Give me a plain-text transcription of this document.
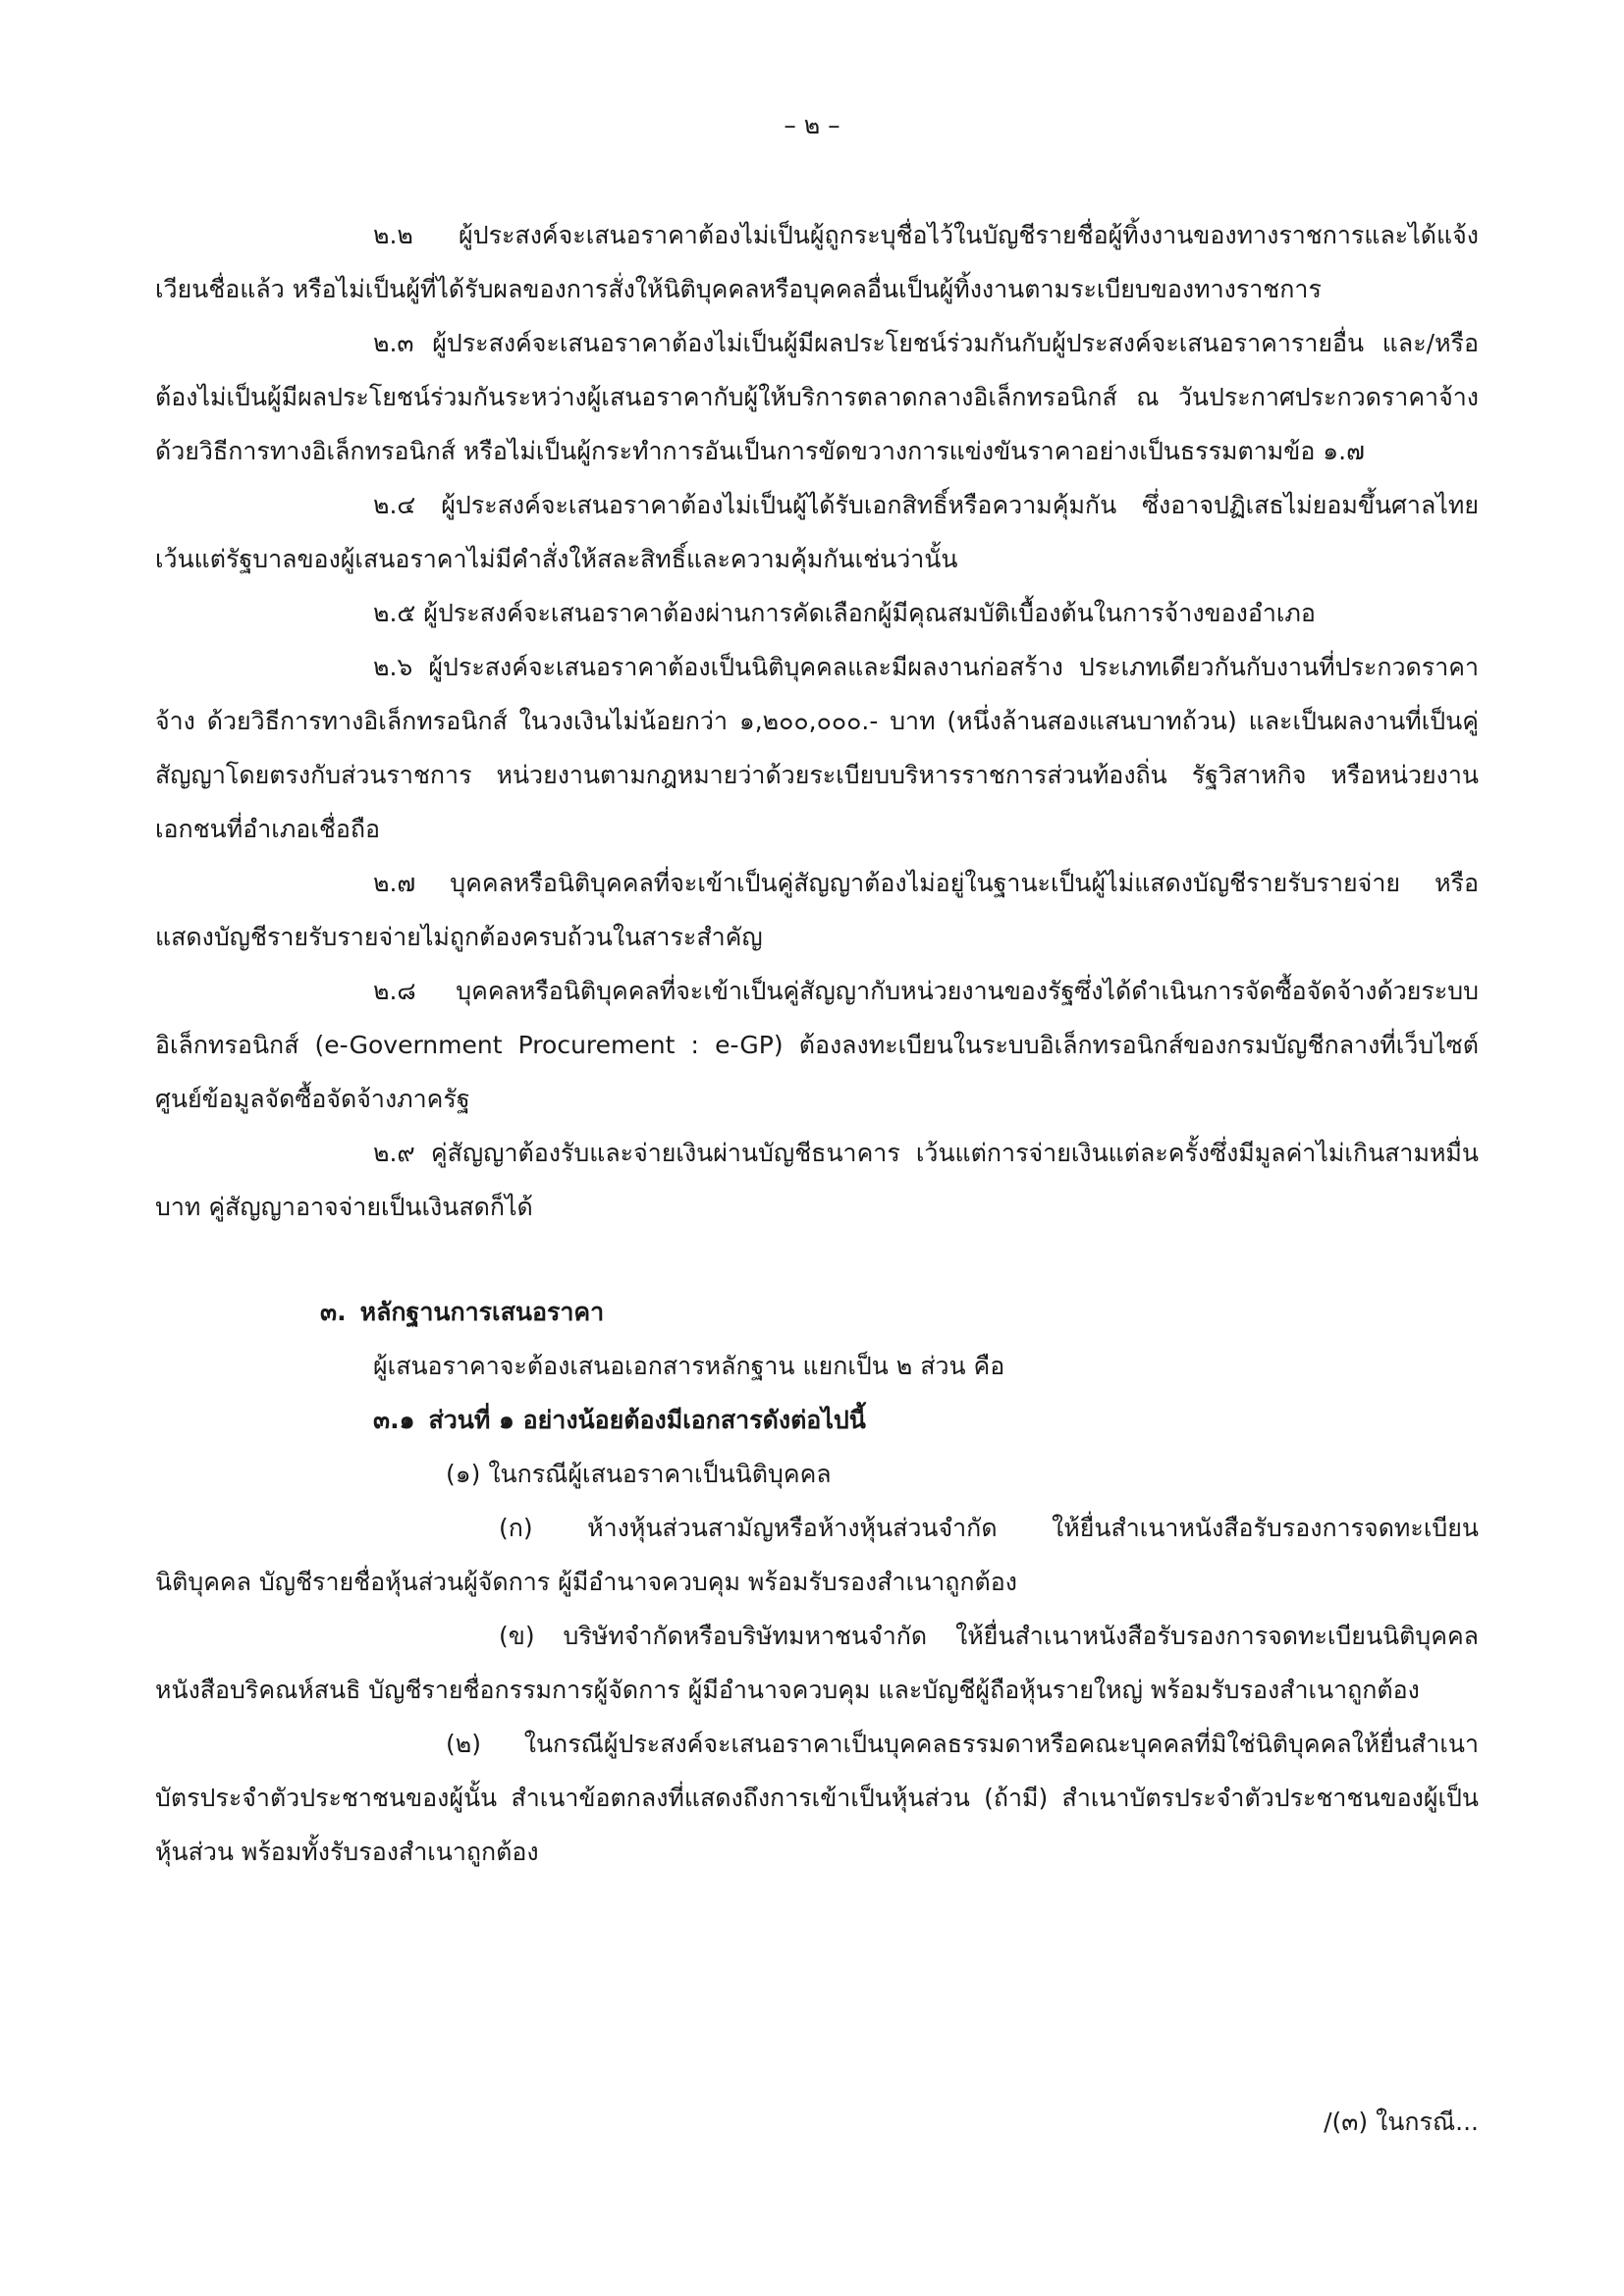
– ๒ –

๒.๒ ผู้ประสงค์จะเสนอราคาต้องไม่เป็นผู้ถูกระบุชื่อไว้ในบัญชีรายชื่อผู้ทิ้งงานของทางราชการและได้แจ้งเวียนชื่อแล้ว หรือไม่เป็นผู้ที่ได้รับผลของการสั่งให้นิติบุคคลหรือบุคคลอื่นเป็นผู้ทิ้งงานตามระเบียบของทางราชการ

๒.๓ ผู้ประสงค์จะเสนอราคาต้องไม่เป็นผู้มีผลประโยชน์ร่วมกันกับผู้ประสงค์จะเสนอราคารายอื่น และ/หรือต้องไม่เป็นผู้มีผลประโยชน์ร่วมกันระหว่างผู้เสนอราคากับผู้ให้บริการตลาดกลางอิเล็กทรอนิกส์ ณ วันประกาศประกวดราคาจ้างด้วยวิธีการทางอิเล็กทรอนิกส์ หรือไม่เป็นผู้กระทำการอันเป็นการขัดขวางการแข่งขันราคาอย่างเป็นธรรมตามข้อ ๑.๗

๒.๔ ผู้ประสงค์จะเสนอราคาต้องไม่เป็นผู้ได้รับเอกสิทธิ์หรือความคุ้มกัน ซึ่งอาจปฏิเสธไม่ยอมขึ้นศาลไทยเว้นแต่รัฐบาลของผู้เสนอราคาไม่มีคำสั่งให้สละสิทธิ์และความคุ้มกันเช่นว่านั้น

๒.๕ ผู้ประสงค์จะเสนอราคาต้องผ่านการคัดเลือกผู้มีคุณสมบัติเบื้องต้นในการจ้างของอำเภอ

๒.๖ ผู้ประสงค์จะเสนอราคาต้องเป็นนิติบุคคลและมีผลงานก่อสร้าง ประเภทเดียวกันกับงานที่ประกวดราคาจ้าง ด้วยวิธีการทางอิเล็กทรอนิกส์ ในวงเงินไม่น้อยกว่า ๑,๒๐๐,๐๐๐.- บาท (หนึ่งล้านสองแสนบาทถ้วน) และเป็นผลงานที่เป็นคู่สัญญาโดยตรงกับส่วนราชการ หน่วยงานตามกฎหมายว่าด้วยระเบียบบริหารราชการส่วนท้องถิ่น รัฐวิสาหกิจ หรือหน่วยงานเอกชนที่อำเภอเชื่อถือ

๒.๗ บุคคลหรือนิติบุคคลที่จะเข้าเป็นคู่สัญญาต้องไม่อยู่ในฐานะเป็นผู้ไม่แสดงบัญชีรายรับรายจ่าย หรือแสดงบัญชีรายรับรายจ่ายไม่ถูกต้องครบถ้วนในสาระสำคัญ

๒.๘ บุคคลหรือนิติบุคคลที่จะเข้าเป็นคู่สัญญากับหน่วยงานของรัฐซึ่งได้ดำเนินการจัดซื้อจัดจ้างด้วยระบบอิเล็กทรอนิกส์ (e-Government Procurement : e-GP) ต้องลงทะเบียนในระบบอิเล็กทรอนิกส์ของกรมบัญชีกลางที่เว็บไซต์ศูนย์ข้อมูลจัดซื้อจัดจ้างภาครัฐ

๒.๙ คู่สัญญาต้องรับและจ่ายเงินผ่านบัญชีธนาคาร เว้นแต่การจ่ายเงินแต่ละครั้งซึ่งมีมูลค่าไม่เกินสามหมื่นบาท คู่สัญญาอาจจ่ายเป็นเงินสดก็ได้

๓. หลักฐานการเสนอราคา

ผู้เสนอราคาจะต้องเสนอเอกสารหลักฐาน แยกเป็น ๒ ส่วน คือ

๓.๑ ส่วนที่ ๑ อย่างน้อยต้องมีเอกสารดังต่อไปนี้

(๑) ในกรณีผู้เสนอราคาเป็นนิติบุคคล

(ก) ห้างหุ้นส่วนสามัญหรือห้างหุ้นส่วนจำกัด ให้ยื่นสำเนาหนังสือรับรองการจดทะเบียนนิติบุคคล บัญชีรายชื่อหุ้นส่วนผู้จัดการ ผู้มีอำนาจควบคุม พร้อมรับรองสำเนาถูกต้อง

(ข) บริษัทจำกัดหรือบริษัทมหาชนจำกัด ให้ยื่นสำเนาหนังสือรับรองการจดทะเบียนนิติบุคคล หนังสือบริคณห์สนธิ บัญชีรายชื่อกรรมการผู้จัดการ ผู้มีอำนาจควบคุม และบัญชีผู้ถือหุ้นรายใหญ่ พร้อมรับรองสำเนาถูกต้อง

(๒) ในกรณีผู้ประสงค์จะเสนอราคาเป็นบุคคลธรรมดาหรือคณะบุคคลที่มิใช่นิติบุคคลให้ยื่นสำเนาบัตรประจำตัวประชาชนของผู้นั้น สำเนาข้อตกลงที่แสดงถึงการเข้าเป็นหุ้นส่วน (ถ้ามี) สำเนาบัตรประจำตัวประชาชนของผู้เป็นหุ้นส่วน พร้อมทั้งรับรองสำเนาถูกต้อง

/(๓) ในกรณี...
